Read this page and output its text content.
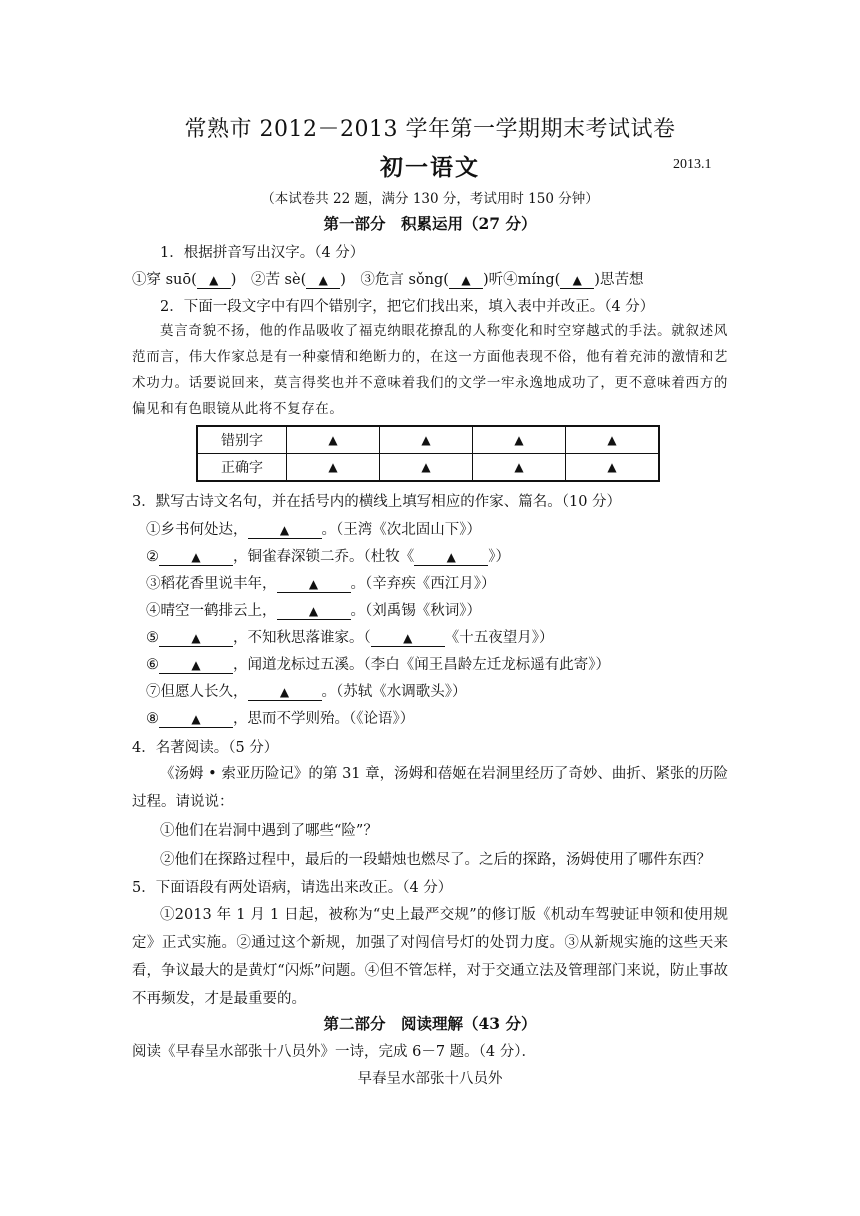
常熟市 2012－2013 学年第一学期期末考试试卷
初一语文	2013.1
（本试卷共 22 题，满分 130 分，考试用时 150 分钟）
第一部分　积累运用（27 分）
1．根据拼音写出汉字。（4 分）
①穿 suō( ▲ )　②苦 sè( ▲ )　③危言 sǒng( ▲ )听④míng( ▲ )思苦想
2．下面一段文字中有四个错别字，把它们找出来，填入表中并改正。（4 分）
莫言奇貌不扬，他的作品吸收了福克纳眼花撩乱的人称变化和时空穿越式的手法。就叙述风范而言，伟大作家总是有一种豪情和绝断力的，在这一方面他表现不俗，他有着充沛的激情和艺术功力。话要说回来，莫言得奖也并不意味着我们的文学一牢永逸地成功了，更不意味着西方的偏见和有色眼镜从此将不复存在。
错别字	▲	▲	▲	▲
正确字	▲	▲	▲	▲
3．默写古诗文名句，并在括号内的横线上填写相应的作家、篇名。（10 分）
①乡书何处达，	▲ 。（王湾《次北固山下》）
②	▲ ，铜雀春深锁二乔。（杜牧《	▲ 》）
③稻花香里说丰年，	▲ 。（辛弃疾《西江月》）
④晴空一鹤排云上，	▲ 。（刘禹锡《秋词》）
⑤	▲ ，不知秋思落谁家。（	▲ 《十五夜望月》）
⑥	▲ ，闻道龙标过五溪。（李白《闻王昌龄左迁龙标遥有此寄》）
⑦但愿人长久，	▲ 。（苏轼《水调歌头》）
⑧	▲ ，思而不学则殆。（《论语》）
4．名著阅读。（5 分）
《汤姆 • 索亚历险记》的第 31 章，汤姆和蓓姬在岩洞里经历了奇妙、曲折、紧张的历险过程。请说说：
①他们在岩洞中遇到了哪些“险”？
②他们在探路过程中，最后的一段蜡烛也燃尽了。之后的探路，汤姆使用了哪件东西？
5．下面语段有两处语病，请选出来改正。（4 分）
①2013 年 1 月 1 日起，被称为“史上最严交规”的修订版《机动车驾驶证申领和使用规定》正式实施。②通过这个新规，加强了对闯信号灯的处罚力度。③从新规实施的这些天来看，争议最大的是黄灯“闪烁”问题。④但不管怎样，对于交通立法及管理部门来说，防止事故不再频发，才是最重要的。
第二部分　阅读理解（43 分）
阅读《早春呈水部张十八员外》一诗，完成 6－7 题。（4 分）．
早春呈水部张十八员外
